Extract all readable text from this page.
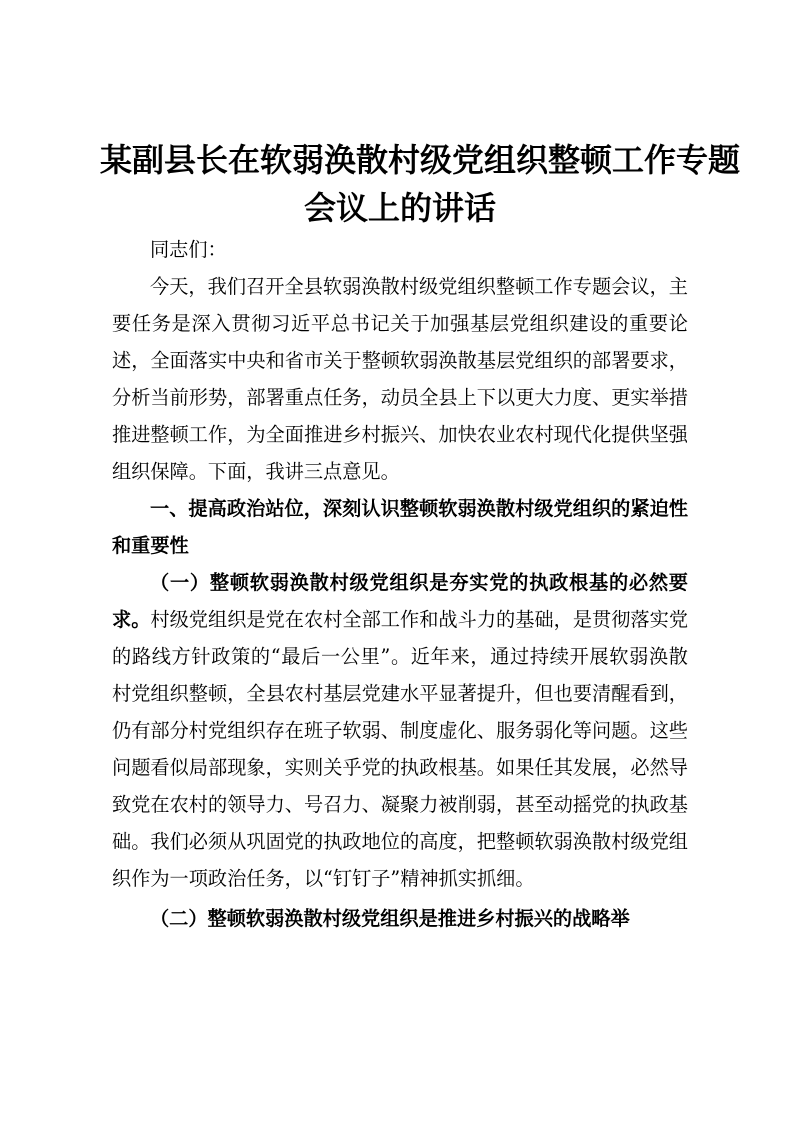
某副县长在软弱涣散村级党组织整顿工作专题
会议上的讲话

同志们：

今天，我们召开全县软弱涣散村级党组织整顿工作专题会议，主要任务是深入贯彻习近平总书记关于加强基层党组织建设的重要论述，全面落实中央和省市关于整顿软弱涣散基层党组织的部署要求，分析当前形势，部署重点任务，动员全县上下以更大力度、更实举措推进整顿工作，为全面推进乡村振兴、加快农业农村现代化提供坚强组织保障。下面，我讲三点意见。

一、提高政治站位，深刻认识整顿软弱涣散村级党组织的紧迫性和重要性

（一）整顿软弱涣散村级党组织是夯实党的执政根基的必然要求。村级党组织是党在农村全部工作和战斗力的基础，是贯彻落实党的路线方针政策的“最后一公里”。近年来，通过持续开展软弱涣散村党组织整顿，全县农村基层党建水平显著提升，但也要清醒看到，仍有部分村党组织存在班子软弱、制度虚化、服务弱化等问题。这些问题看似局部现象，实则关乎党的执政根基。如果任其发展，必然导致党在农村的领导力、号召力、凝聚力被削弱，甚至动摇党的执政基础。我们必须从巩固党的执政地位的高度，把整顿软弱涣散村级党组织作为一项政治任务，以“钉钉子”精神抓实抓细。

（二）整顿软弱涣散村级党组织是推进乡村振兴的战略举
